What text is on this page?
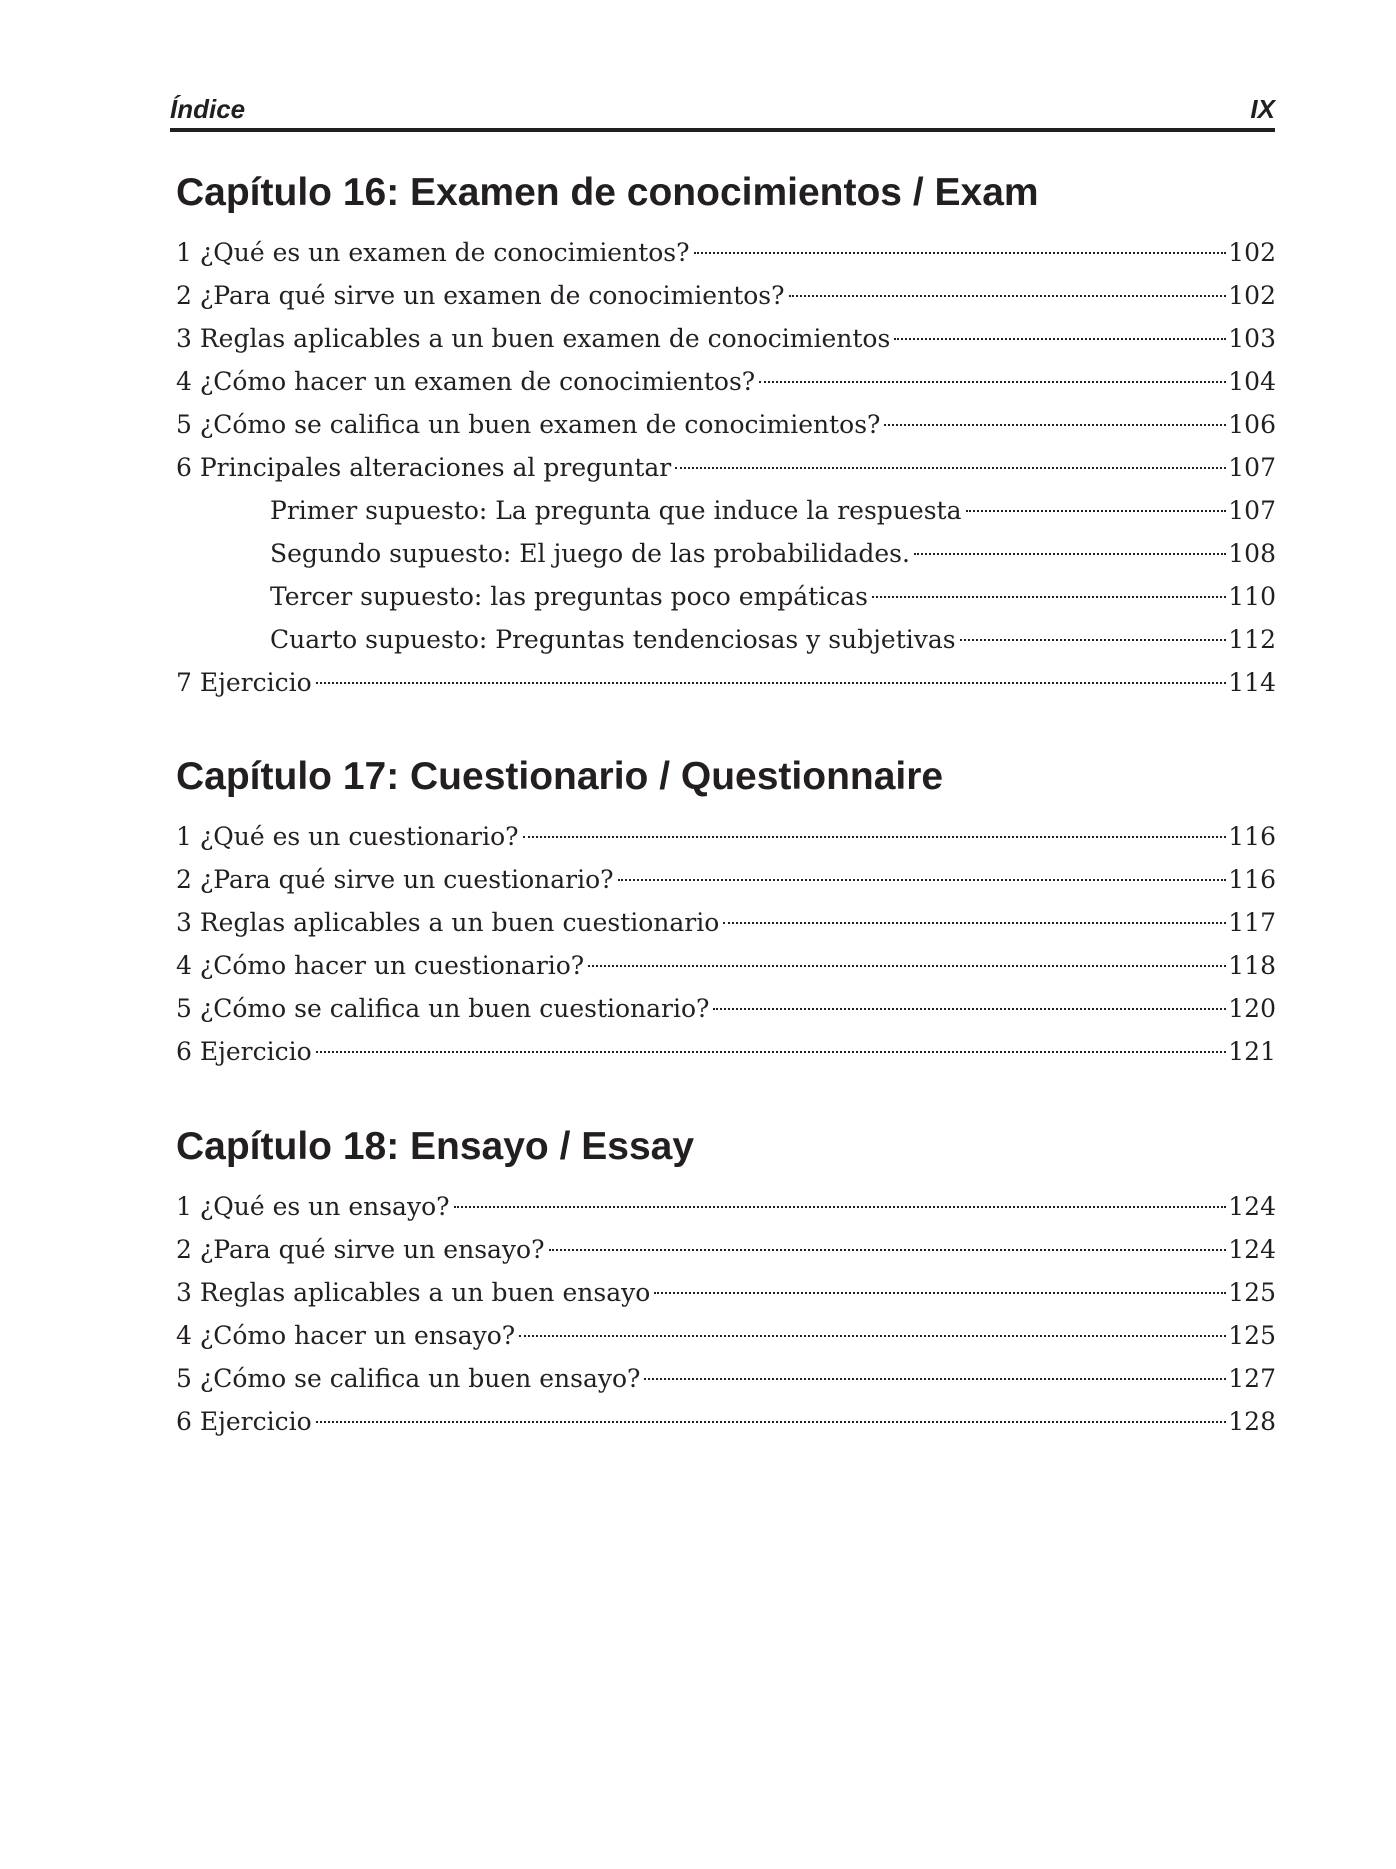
Índice	IX
Capítulo 16: Examen de conocimientos / Exam
1 ¿Qué es un examen de conocimientos?	102
2 ¿Para qué sirve un examen de conocimientos?	102
3 Reglas aplicables a un buen examen de conocimientos	103
4 ¿Cómo hacer un examen de conocimientos?	104
5 ¿Cómo se califica un buen examen de conocimientos?	106
6 Principales alteraciones al preguntar	107
Primer supuesto: La pregunta que induce la respuesta	107
Segundo supuesto: El juego de las probabilidades.	108
Tercer supuesto: las preguntas poco empáticas	110
Cuarto supuesto: Preguntas tendenciosas y subjetivas	112
7 Ejercicio	114
Capítulo 17: Cuestionario / Questionnaire
1 ¿Qué es un cuestionario?	116
2 ¿Para qué sirve un cuestionario?	116
3 Reglas aplicables a un buen cuestionario	117
4 ¿Cómo hacer un cuestionario?	118
5 ¿Cómo se califica un buen cuestionario?	120
6 Ejercicio	121
Capítulo 18: Ensayo / Essay
1 ¿Qué es un ensayo?	124
2 ¿Para qué sirve un ensayo?	124
3 Reglas aplicables a un buen ensayo	125
4 ¿Cómo hacer un ensayo?	125
5 ¿Cómo se califica un buen ensayo?	127
6 Ejercicio	128
